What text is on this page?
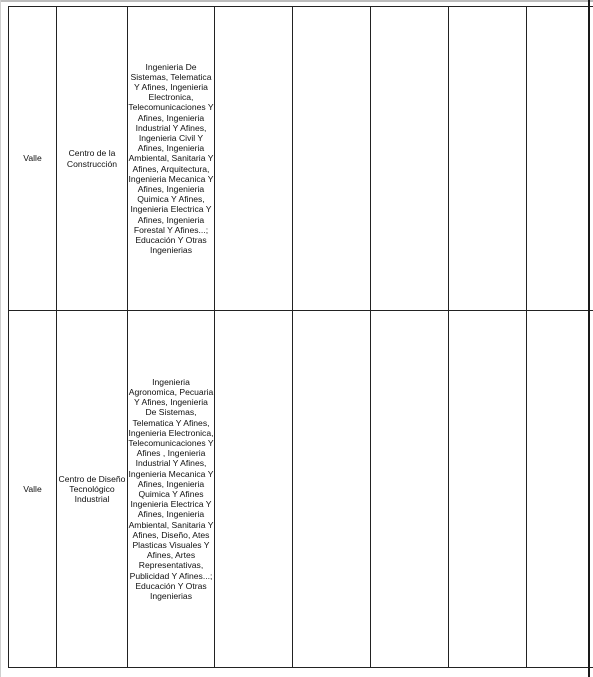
Valle	Centro de la Construcción	Ingenieria De Sistemas, Telematica Y Afines, Ingenieria Electronica, Telecomunicaciones Y Afines, Ingenieria Industrial Y Afines, Ingenieria Civil Y Afines, Ingenieria Ambiental, Sanitaria Y Afines, Arquitectura, Ingenieria Mecanica Y Afines, Ingenieria Quimica Y Afines, Ingenieria Electrica Y Afines, Ingenieria Forestal Y Afines...; Educación Y Otras Ingenierias					
Valle	Centro de Diseño Tecnológico Industrial	Ingenieria Agronomica, Pecuaria Y Afines, Ingenieria De Sistemas, Telematica Y Afines, Ingenieria Electronica, Telecomunicaciones Y Afines , Ingenieria Industrial Y Afines, Ingenieria Mecanica Y Afines, Ingenieria Quimica Y Afines Ingenieria Electrica Y Afines, Ingenieria Ambiental, Sanitaria Y Afines, Diseño, Ates Plasticas Visuales Y Afines, Artes Representativas, Publicidad Y Afines...; Educación Y Otras Ingenierias					
